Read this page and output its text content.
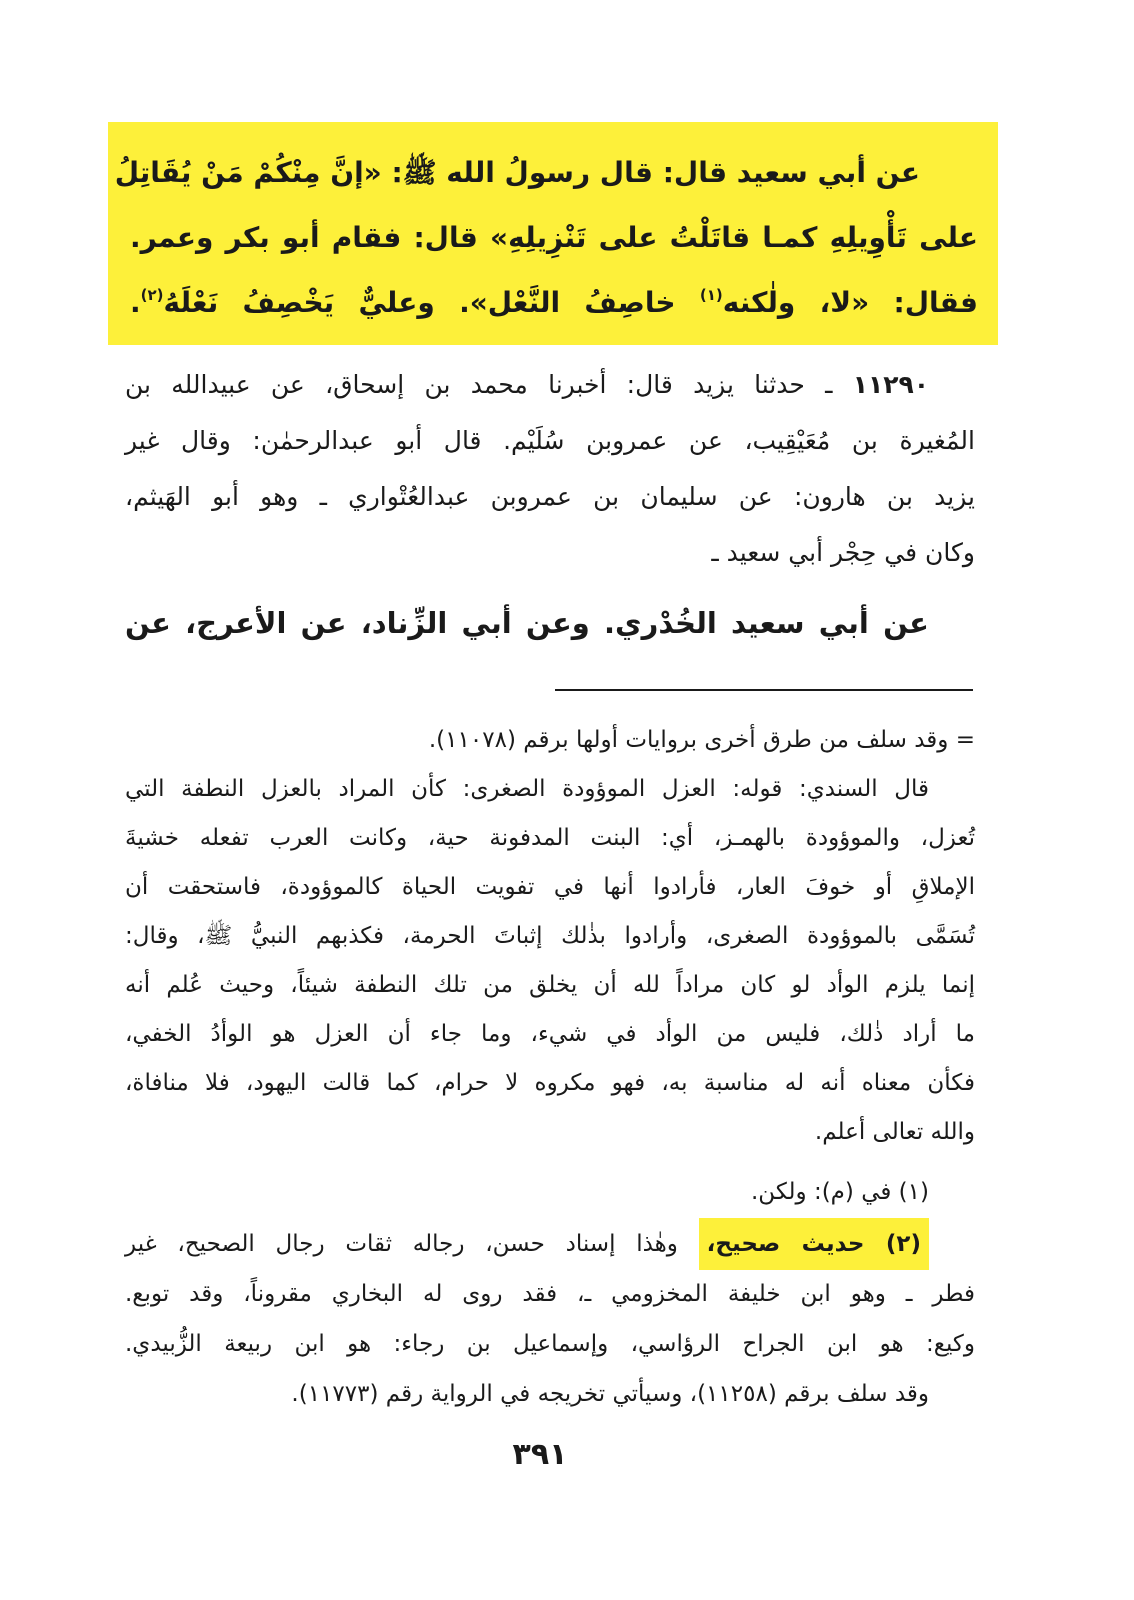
عن أبي سعيد قال: قال رسولُ الله ﷺ: «إنَّ مِنْكُمْ مَنْ يُقَاتِلُ
على تَأْوِيلِهِ كمـا قاتَلْتُ على تَنْزِيلِهِ» قال: فقام أبو بكر وعمر.
فقال: «لا، ولٰكنه$^{(١)}$ خاصِفُ النَّعْل». وعليٌّ يَخْصِفُ نَعْلَهُ$^{(٢)}$.
١١٢٩٠ ـ حدثنا يزيد قال: أخبرنا محمد بن إسحاق، عن عبيدالله بن
المُغيرة بن مُعَيْقِيب، عن عمروبن سُلَيْم. قال أبو عبدالرحمٰن: وقال غير
يزيد بن هارون: عن سليمان بن عمروبن عبدالعُتْواري ـ وهو أبو الهَيثم،
وكان في حِجْر أبي سعيد ـ
عن أبي سعيد الخُدْري. وعن أبي الزِّناد، عن الأعرج، عن
= وقد سلف من طرق أخرى بروايات أولها برقم (١١٠٧٨).
قال السندي: قوله: العزل الموؤودة الصغرى: كأن المراد بالعزل النطفة التي
تُعزل، والموؤودة بالهمـز، أي: البنت المدفونة حية، وكانت العرب تفعله خشيةَ
الإملاقِ أو خوفَ العار، فأرادوا أنها في تفويت الحياة كالموؤودة، فاستحقت أن
تُسَمَّى بالموؤودة الصغرى، وأرادوا بذٰلك إثباتَ الحرمة، فكذبهم النبيُّ ﷺ، وقال:
إنما يلزم الوأد لو كان مراداً لله أن يخلق من تلك النطفة شيئاً، وحيث عُلم أنه
ما أراد ذٰلك، فليس من الوأد في شيء، وما جاء أن العزل هو الوأدُ الخفي،
فكأن معناه أنه له مناسبة به، فهو مكروه لا حرام، كما قالت اليهود، فلا منافاة،
والله تعالى أعلم.
(١) في (م): ولكن.
(٢) حديث صحيح، وهٰذا إسناد حسن، رجاله ثقات رجال الصحيح، غير
فطر ـ وهو ابن خليفة المخزومي ـ، فقد روى له البخاري مقروناً، وقد توبع.
وكيع: هو ابن الجراح الرؤاسي، وإسماعيل بن رجاء: هو ابن ربيعة الزُّبيدي.
وقد سلف برقم (١١٢٥٨)، وسيأتي تخريجه في الرواية رقم (١١٧٧٣).
٣٩١
